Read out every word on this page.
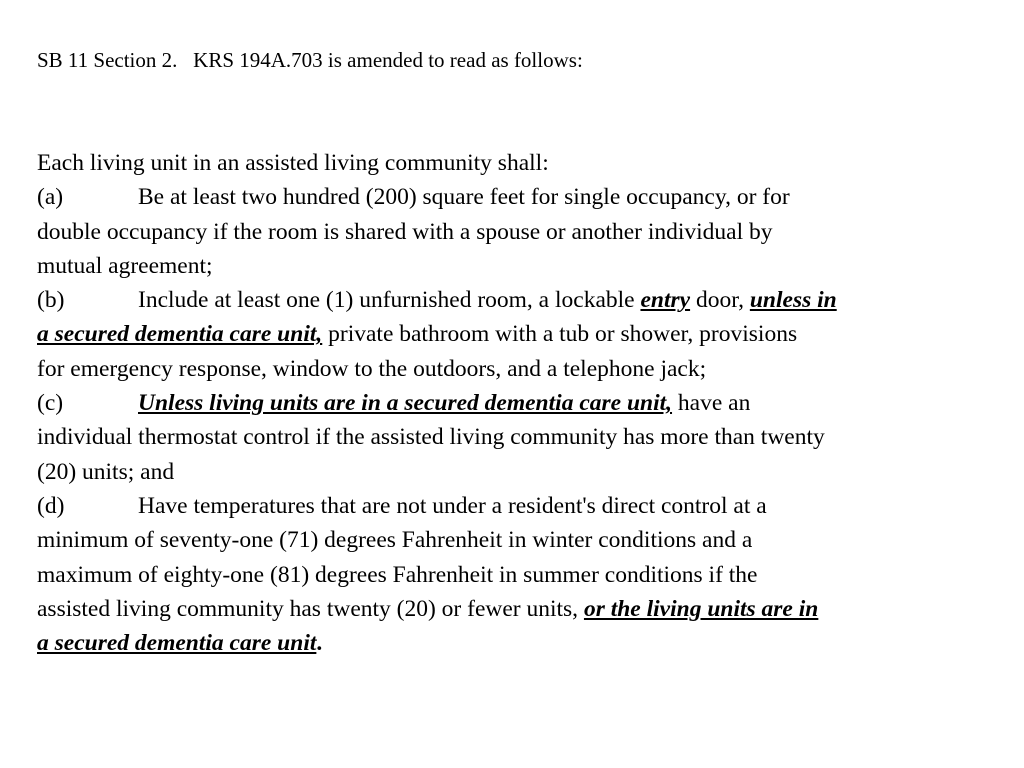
SB 11 Section 2. KRS 194A.703 is amended to read as follows:
Each living unit in an assisted living community shall:
(a)	Be at least two hundred (200) square feet for single occupancy, or for
double occupancy if the room is shared with a spouse or another individual by
mutual agreement;
(b)	Include at least one (1) unfurnished room, a lockable entry door, unless in
a secured dementia care unit, private bathroom with a tub or shower, provisions
for emergency response, window to the outdoors, and a telephone jack;
(c)	Unless living units are in a secured dementia care unit, have an
individual thermostat control if the assisted living community has more than twenty
(20) units; and
(d)	Have temperatures that are not under a resident's direct control at a
minimum of seventy-one (71) degrees Fahrenheit in winter conditions and a
maximum of eighty-one (81) degrees Fahrenheit in summer conditions if the
assisted living community has twenty (20) or fewer units, or the living units are in
a secured dementia care unit.
